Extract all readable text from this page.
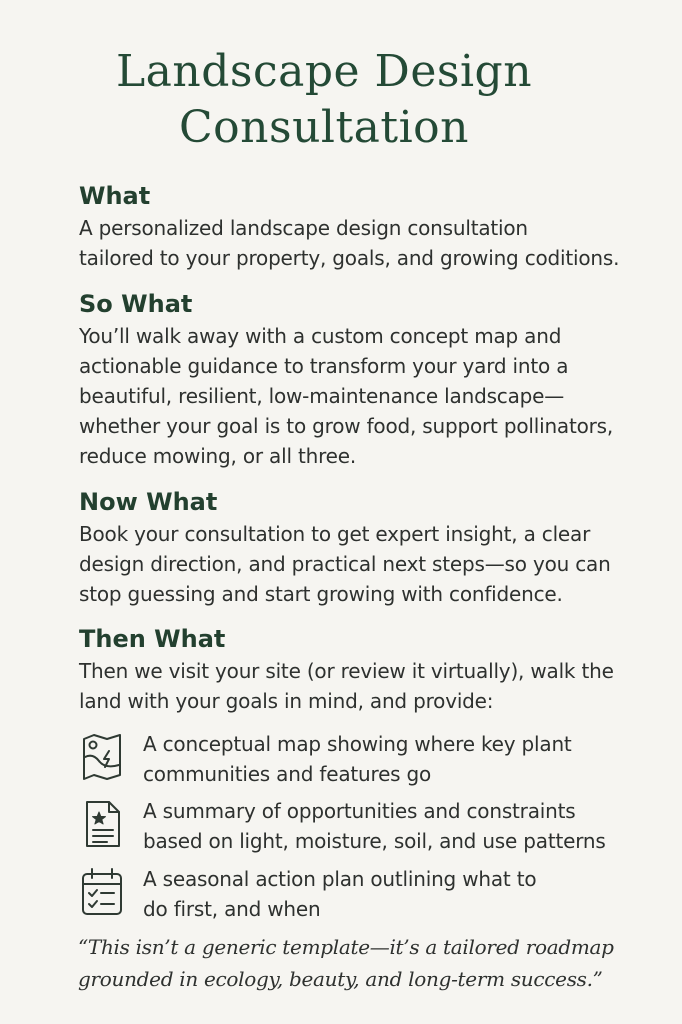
Landscape Design
Consultation
What

A personalized landscape design consultation
tailored to your property, goals, and growing coditions.

So What

You’ll walk away with a custom concept map and
actionable guidance to transform your yard into a
beautiful, resilient, low-maintenance landscape—
whether your goal is to grow food, support pollinators,
reduce mowing, or all three.

Now What

Book your consultation to get expert insight, a clear
design direction, and practical next steps—so you can
stop guessing and start growing with confidence.

Then What

Then we visit your site (or review it virtually), walk the
land with your goals in mind, and provide:

A conceptual map showing where key plant
communities and features go
A summary of opportunities and constraints
based on light, moisture, soil, and use patterns
A seasonal action plan outlining what to
do first, and when

“This isn’t a generic template—it’s a tailored roadmap
grounded in ecology, beauty, and long-term success.”
